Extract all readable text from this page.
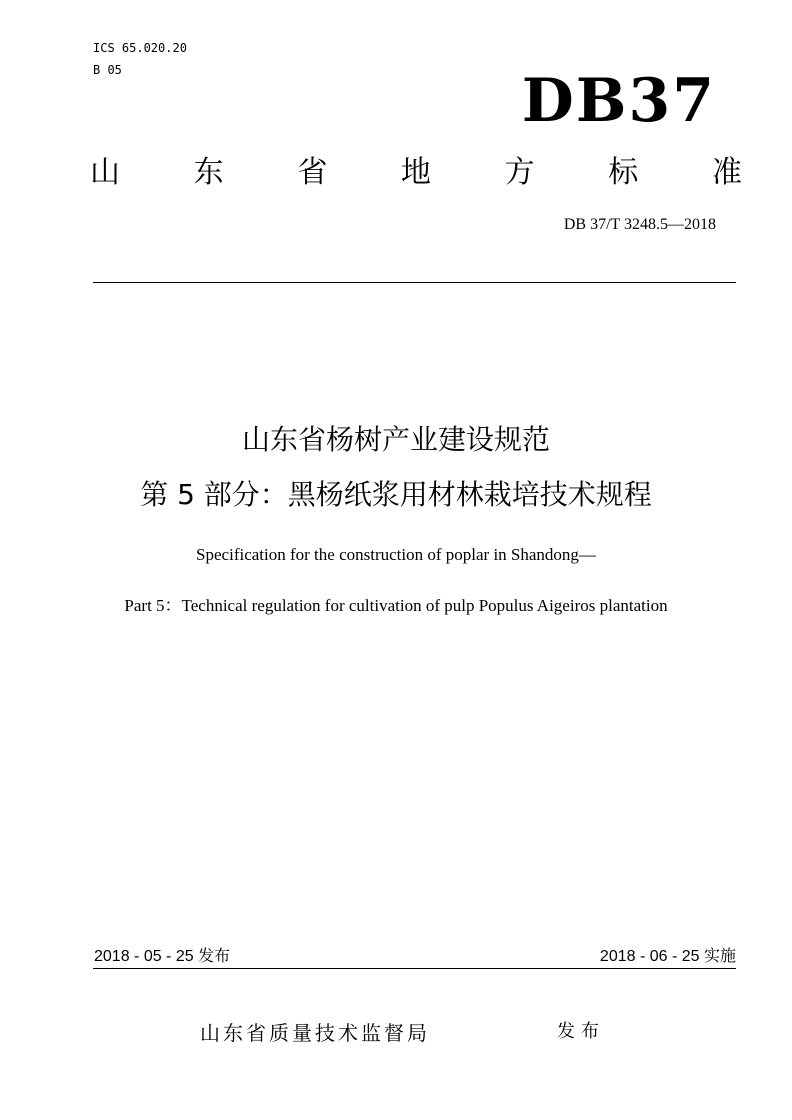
ICS 65.020.20
B 05	DB37
山 东 省 地 方 标 准
DB 37/T 3248.5—2018
山东省杨树产业建设规范
第 5 部分：黑杨纸浆用材林栽培技术规程
Specification for the construction of poplar in Shandong—
Part 5：Technical regulation for cultivation of pulp Populus Aigeiros plantation
2018 - 05 - 25 发布	2018 - 06 - 25 实施
山东省质量技术监督局	发布
